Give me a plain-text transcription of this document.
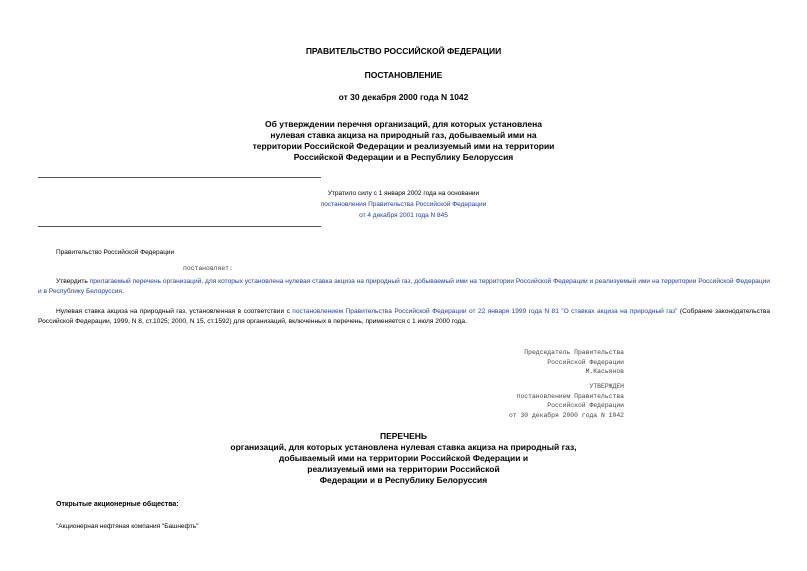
ПРАВИТЕЛЬСТВО РОССИЙСКОЙ ФЕДЕРАЦИИ
ПОСТАНОВЛЕНИЕ
от 30 декабря 2000 года N 1042
Об утверждении перечня организаций, для которых установлена
нулевая ставка акциза на природный газ, добываемый ими на
территории Российской Федерации и реализуемый ими на территории
Российской Федерации и в Республику Белоруссия
Утратило силу с 1 января 2002 года на основании
постановления Правительства Российской Федерации
от 4 декабря 2001 года N 845
Правительство Российской Федерации
постановляет:
Утвердить прилагаемый перечень организаций, для которых установлена нулевая ставка акциза на природный газ, добываемый ими на территории Российской Федерации и реализуемый ими на территории Российской Федерации и в Республику Белоруссия.
Нулевая ставка акциза на природный газ, установленная в соответствии с постановлением Правительства Российской Федерации от 22 января 1999 года N 81 "О ставках акциза на природный газ" (Собрание законодательства Российской Федерации, 1999, N 8, ст.1025; 2000, N 15, ст.1592) для организаций, включенных в перечень, применяется с 1 июля 2000 года.
Председатель Правительства
Российской Федерации
М.Касьянов
УТВЕРЖДЕН
постановлением Правительства
Российской Федерации
от 30 декабря 2000 года N 1042
ПЕРЕЧЕНЬ
организаций, для которых установлена нулевая ставка акциза на природный газ,
добываемый ими на территории Российской Федерации и
реализуемый ими на территории Российской
Федерации и в Республику Белоруссия
Открытые акционерные общества:
"Акционерная нефтяная компания "Башнефть"
